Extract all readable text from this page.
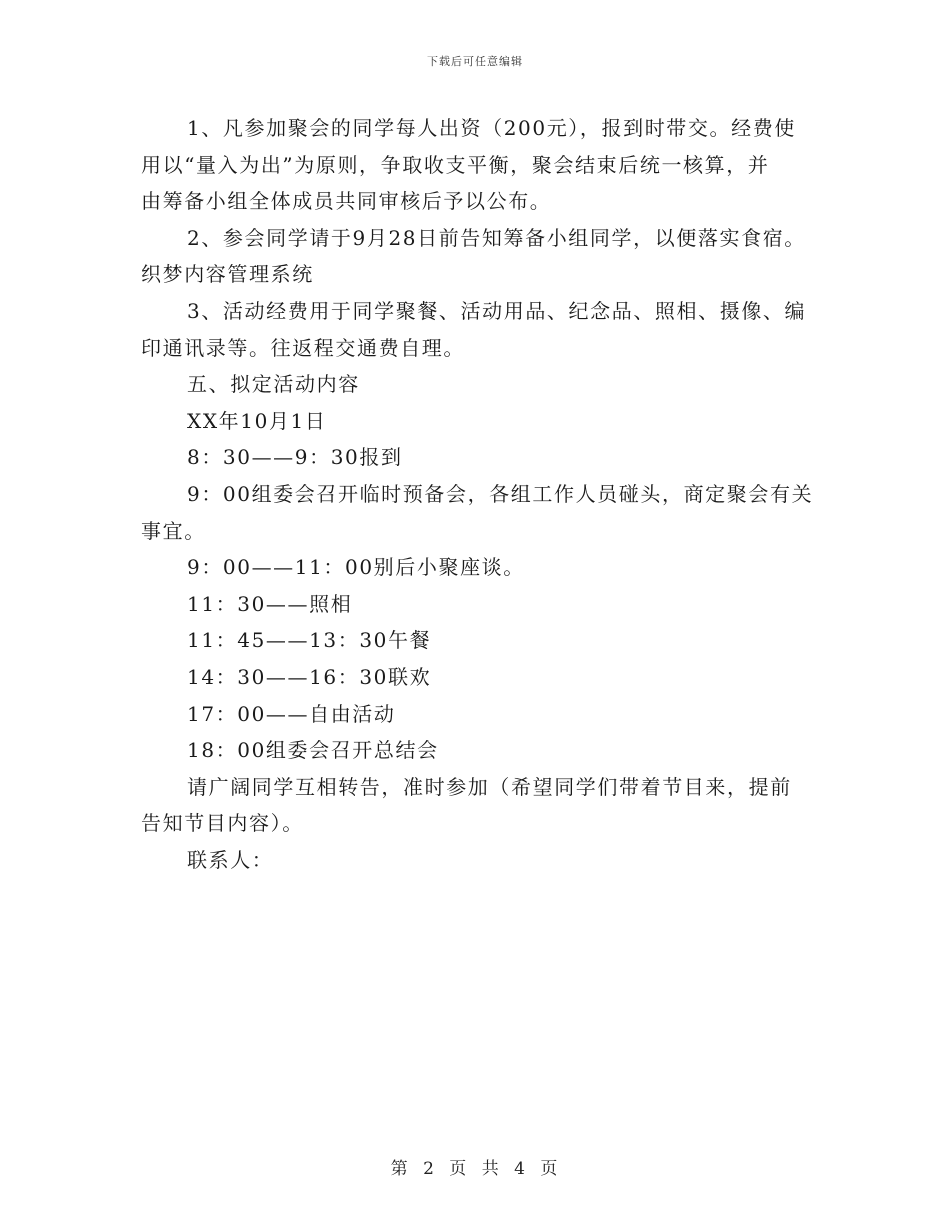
下载后可任意编辑
1、凡参加聚会的同学每人出资（200元），报到时带交。经费使
用以“量入为出”为原则，争取收支平衡，聚会结束后统一核算，并
由筹备小组全体成员共同审核后予以公布。
2、参会同学请于9月28日前告知筹备小组同学，以便落实食宿。
织梦内容管理系统
3、活动经费用于同学聚餐、活动用品、纪念品、照相、摄像、编
印通讯录等。往返程交通费自理。
五、拟定活动内容
XX年10月1日
8：30——9：30报到
9：00组委会召开临时预备会，各组工作人员碰头，商定聚会有关
事宜。
9：00——11：00别后小聚座谈。
11：30——照相
11：45——13：30午餐
14：30——16：30联欢
17：00——自由活动
18：00组委会召开总结会
请广阔同学互相转告，准时参加（希望同学们带着节目来，提前
告知节目内容）。
联系人：
第 2 页 共 4 页
